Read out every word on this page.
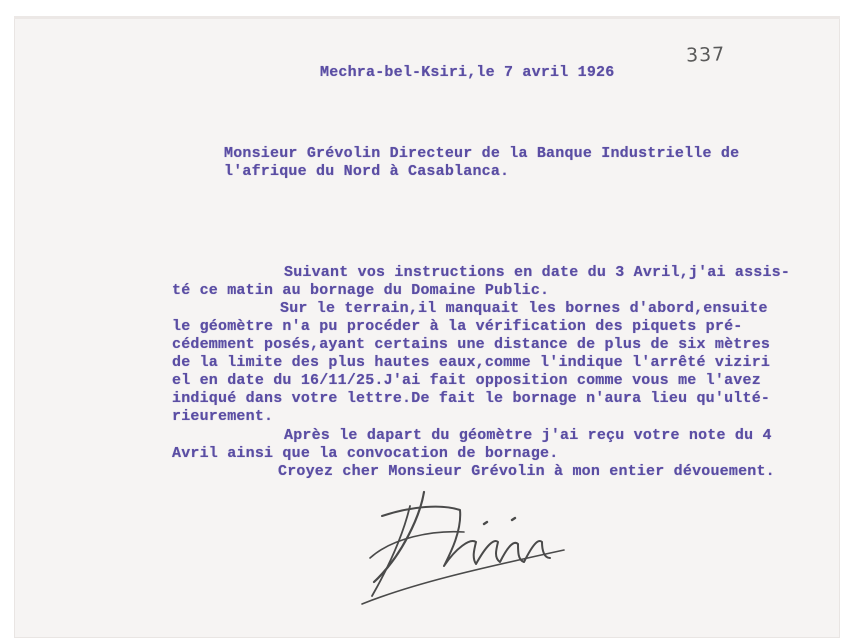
337
Mechra-bel-Ksiri,le 7 avril 1926
Monsieur Grévolin Directeur de la Banque Industrielle de
l'afrique du Nord à Casablanca.
Suivant vos instructions en date du 3 Avril,j'ai assis-
té ce matin au bornage du Domaine Public.
Sur le terrain,il manquait les bornes d'abord,ensuite
le géomètre n'a pu procéder à la vérification des piquets pré-
cédemment posés,ayant certains une distance de plus de six mètres
de la limite des plus hautes eaux,comme l'indique l'arrêté viziri
el en date du 16/11/25.J'ai fait opposition comme vous me l'avez
indiqué dans votre lettre.De fait le bornage n'aura lieu qu'ulté-
rieurement.
Après le dapart du géomètre j'ai reçu votre note du 4
Avril ainsi que la convocation de bornage.
Croyez cher Monsieur Grévolin à mon entier dévouement.
